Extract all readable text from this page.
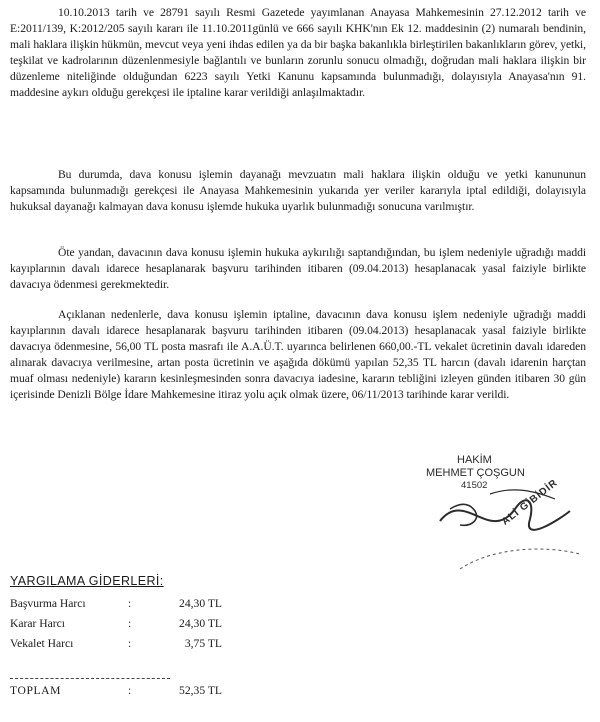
10.10.2013 tarih ve 28791 sayılı Resmi Gazetede yayımlanan Anayasa Mahkemesinin 27.12.2012 tarih ve E:2011/139, K:2012/205 sayılı kararı ile 11.10.2011günlü ve 666 sayılı KHK'nın Ek 12. maddesinin (2) numaralı bendinin, mali haklara ilişkin hükmün, mevcut veya yeni ihdas edilen ya da bir başka bakanlıkla birleştirilen bakanlıkların görev, yetki, teşkilat ve kadrolarının düzenlenmesiyle bağlantılı ve bunların zorunlu sonucu olmadığı, doğrudan mali haklara ilişkin bir düzenleme niteliğinde olduğundan 6223 sayılı Yetki Kanunu kapsamında bulunmadığı, dolayısıyla Anayasa'nın 91. maddesine aykırı olduğu gerekçesi ile iptaline karar verildiği anlaşılmaktadır.
Bu durumda, dava konusu işlemin dayanağı mevzuatın mali haklara ilişkin olduğu ve yetki kanununun kapsamında bulunmadığı gerekçesi ile Anayasa Mahkemesinin yukarıda yer veriler kararıyla iptal edildiği, dolayısıyla hukuksal dayanağı kalmayan dava konusu işlemde hukuka uyarlık bulunmadığı sonucuna varılmıştır.
Öte yandan, davacının dava konusu işlemin hukuka aykırılığı saptandığından, bu işlem nedeniyle uğradığı maddi kayıplarının davalı idarece hesaplanarak başvuru tarihinden itibaren (09.04.2013) hesaplanacak yasal faiziyle birlikte davacıya ödenmesi gerekmektedir.
Açıklanan nedenlerle, dava konusu işlemin iptaline, davacının dava konusu işlem nedeniyle uğradığı maddi kayıplarının davalı idarece hesaplanarak başvuru tarihinden itibaren (09.04.2013) hesaplanacak yasal faiziyle birlikte davacıya ödenmesine, 56,00 TL posta masrafı ile A.A.Ü.T. uyarınca belirlenen 660,00.-TL vekalet ücretinin davalı idareden alınarak davacıya verilmesine, artan posta ücretinin ve aşağıda dökümü yapılan 52,35 TL harcın (davalı idarenin harçtan muaf olması nedeniyle) kararın kesinleşmesinden sonra davacıya iadesine, kararın tebliğini izleyen günden itibaren 30 gün içerisinde Denizli Bölge İdare Mahkemesine itiraz yolu açık olmak üzere, 06/11/2013 tarihinde karar verildi.
HAKİM
MEHMET ÇOŞGUN
41502 ALİ GİBİDİR
YARGILAMA GİDERLERİ:
Başvurma Harcı	:	24,30 TL
Karar Harcı	:	24,30 TL
Vekalet Harcı	:	3,75 TL
TOPLAM	:	52,35 TL
